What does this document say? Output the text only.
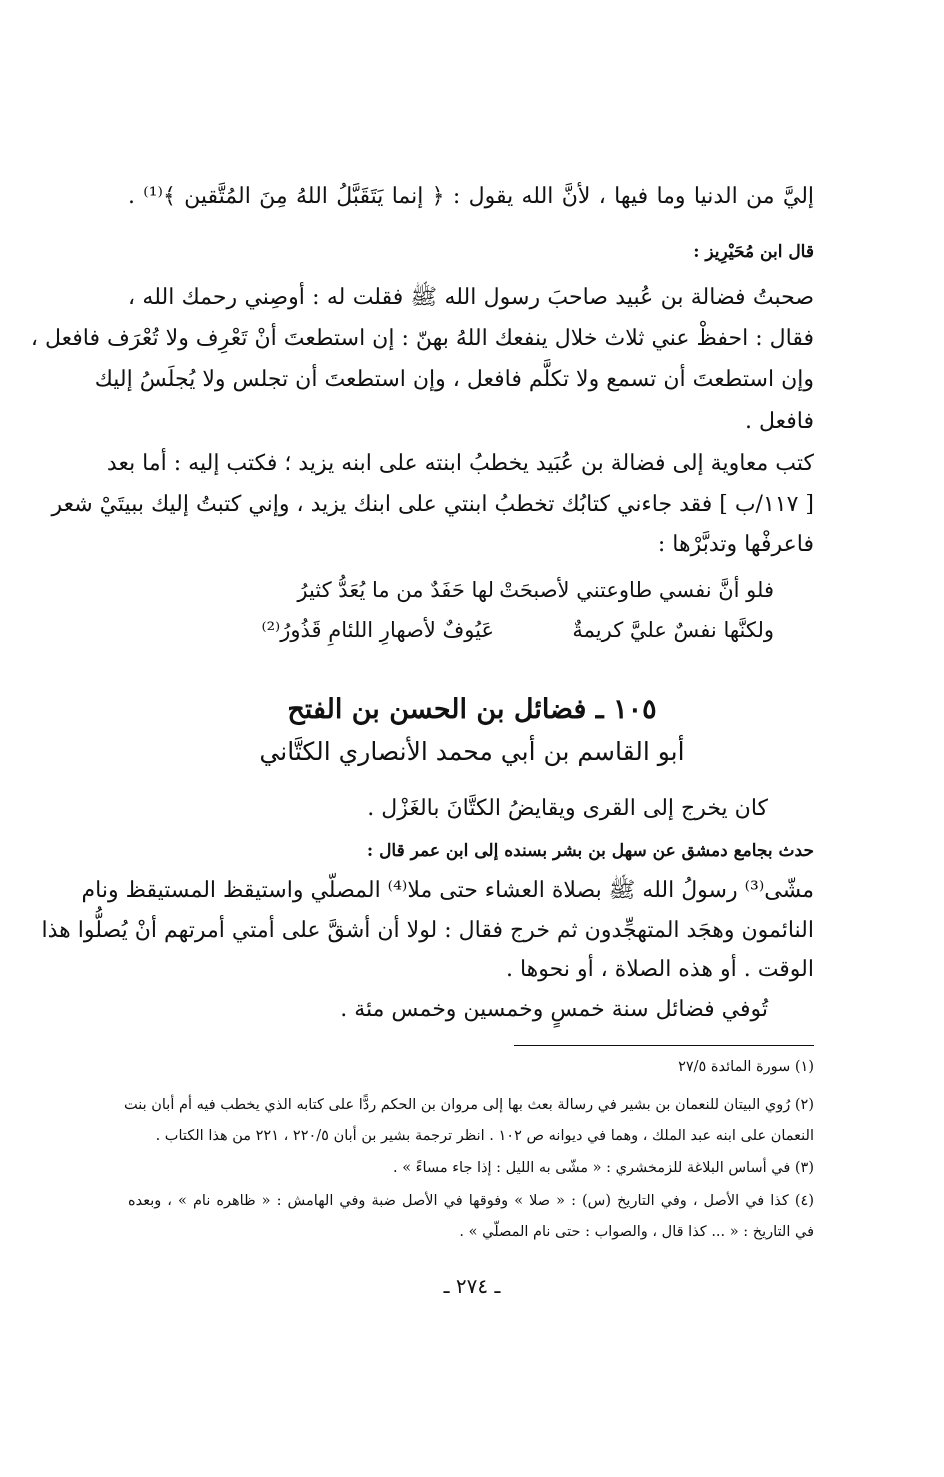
إليَّ من الدنيا وما فيها ، لأنَّ الله يقول : ﴿ إنما يَتَقَبَّلُ اللهُ مِنَ المُتَّقين ﴾⁽¹⁾ .
قال ابن مُحَيْرِيز :
صحبتُ فضالة بن عُبيد صاحبَ رسول الله ﷺ فقلت له : أوصِني رحمك الله ،
فقال : احفظْ عني ثلاث خلال ينفعك اللهُ بهنّ : إن استطعتَ أنْ تَعْرِف ولا تُعْرَف فافعل ،
وإن استطعتَ أن تسمع ولا تكلَّم فافعل ، وإن استطعتَ أن تجلس ولا يُجلَسُ إليك
فافعل .
كتب معاوية إلى فضالة بن عُبَيد يخطبُ ابنته على ابنه يزيد ؛ فكتب إليه : أما بعد
[ ١١٧/ب ] فقد جاءني كتابُك تخطبُ ابنتي على ابنك يزيد ، وإني كتبتُ إليك ببيتَيْ شعر
فاعرفْها وتدبَّرْها :
فلو أنَّ نفسي طاوعتني لأصبحَتْ
لها حَفَدٌ من ما يُعَدُّ كثيرُ
ولكنَّها نفسٌ عليَّ كريمةٌ
عَيُوفٌ لأصهارِ اللئامِ قَذُورُ⁽²⁾
١٠٥ ـ فضائل بن الحسن بن الفتح
أبو القاسم بن أبي محمد الأنصاري الكتَّاني
كان يخرج إلى القرى ويقايضُ الكتَّانَ بالغَزْل .
حدث بجامع دمشق عن سهل بن بشر بسنده إلى ابن عمر قال :
مشّى⁽³⁾ رسولُ الله ﷺ بصلاة العشاء حتى ملا⁽⁴⁾ المصلّي واستيقظ المستيقظ ونام
النائمون وهجَد المتهجِّدون ثم خرج فقال : لولا أن أشقَّ على أمتي أمرتهم أنْ يُصلُّوا هذا
الوقت . أو هذه الصلاة ، أو نحوها .
تُوفي فضائل سنة خمسٍ وخمسين وخمس مئة .
(١) سورة المائدة ٢٧/٥
(٢) رُوي البيتان للنعمان بن بشير في رسالة بعث بها إلى مروان بن الحكم ردًّا على كتابه الذي يخطب فيه أم أبان بنت
النعمان على ابنه عبد الملك ، وهما في ديوانه ص ١٠٢ . انظر ترجمة بشير بن أبان ٢٢٠/٥ ، ٢٢١ من هذا الكتاب .
(٣) في أساس البلاغة للزمخشري : « مشّى به الليل : إذا جاء مساءً » .
(٤) كذا في الأصل ، وفي التاريخ (س) : « صلا » وفوقها في الأصل ضبة وفي الهامش : « ظاهره نام » ، وبعده
في التاريخ : « ... كذا قال ، والصواب : حتى نام المصلّي » .
ـ ٢٧٤ ـ
